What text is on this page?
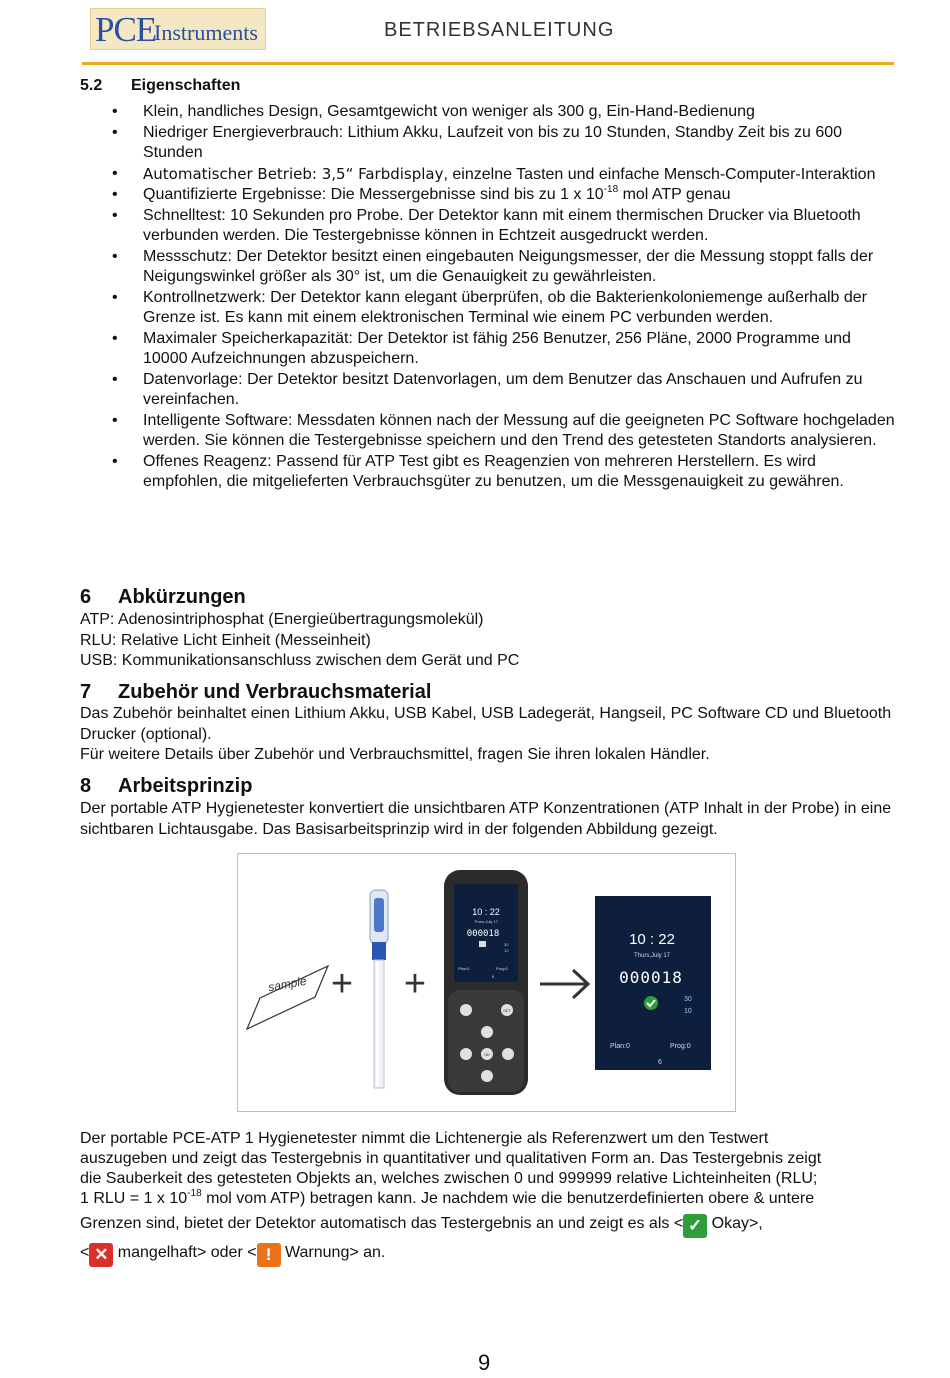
PCE
Instruments	BETRIEBSANLEITUNG
5.2 Eigenschaften
• Klein, handliches Design, Gesamtgewicht von weniger als 300 g, Ein-Hand-Bedienung
• Niedriger Energieverbrauch: Lithium Akku, Laufzeit von bis zu 10 Stunden, Standby Zeit bis zu 600 Stunden
• Automatischer Betrieb: 3,5“ Farbdisplay, einzelne Tasten und einfache Mensch-Computer-Interaktion
• Quantifizierte Ergebnisse: Die Messergebnisse sind bis zu 1 x $10^{-18}$ mol ATP genau
• Schnelltest: 10 Sekunden pro Probe. Der Detektor kann mit einem thermischen Drucker via Bluetooth verbunden werden. Die Testergebnisse können in Echtzeit ausgedruckt werden.
• Messschutz: Der Detektor besitzt einen eingebauten Neigungsmesser, der die Messung stoppt falls der Neigungswinkel größer als 30° ist, um die Genauigkeit zu gewährleisten.
• Kontrollnetzwerk: Der Detektor kann elegant überprüfen, ob die Bakterienkoloniemenge außerhalb der Grenze ist. Es kann mit einem elektronischen Terminal wie einem PC verbunden werden.
• Maximaler Speicherkapazität: Der Detektor ist fähig 256 Benutzer, 256 Pläne, 2000 Programme und 10000 Aufzeichnungen abzuspeichern.
• Datenvorlage: Der Detektor besitzt Datenvorlagen, um dem Benutzer das Anschauen und Aufrufen zu vereinfachen.
• Intelligente Software: Messdaten können nach der Messung auf die geeigneten PC Software hochgeladen werden. Sie können die Testergebnisse speichern und den Trend des getesteten Standorts analysieren.
• Offenes Reagenz: Passend für ATP Test gibt es Reagenzien von mehreren Herstellern. Es wird empfohlen, die mitgelieferten Verbrauchsgüter zu benutzen, um die Messgenauigkeit zu gewähren.
6 Abkürzungen
ATP: Adenosintriphosphat (Energieübertragungsmolekül)
RLU: Relative Licht Einheit (Messeinheit)
USB: Kommunikationsanschluss zwischen dem Gerät und PC
7 Zubehör und Verbrauchsmaterial
Das Zubehör beinhaltet einen Lithium Akku, USB Kabel, USB Ladegerät, Hangseil, PC Software CD und Bluetooth Drucker (optional).
Für weitere Details über Zubehör und Verbrauchsmittel, fragen Sie ihren lokalen Händler.
8 Arbeitsprinzip
Der portable ATP Hygienetester konvertiert die unsichtbaren ATP Konzentrationen (ATP Inhalt in der Probe) in eine sichtbaren Lichtausgabe. Das Basisarbeitsprinzip wird in der folgenden Abbildung gezeigt.
sample + +
10 : 22
Thurs,July 17
000018
30
10
Plan:0	Prog:0
6
SET
OK
10 : 22
Thurs,July 17
000018
30
10
Plan:0	Prog:0
6
Der portable PCE-ATP 1 Hygienetester nimmt die Lichtenergie als Referenzwert um den Testwert
auszugeben und zeigt das Testergebnis in quantitativer und qualitativen Form an. Das Testergebnis zeigt
die Sauberkeit des getesteten Objekts an, welches zwischen 0 und 999999 relative Lichteinheiten (RLU;
1 RLU = 1 x $10^{-18}$ mol vom ATP) betragen kann. Je nachdem wie die benutzerdefinierten obere & untere
Grenzen sind, bietet der Detektor automatisch das Testergebnis an und zeigt es als < ✓ Okay>,
< ✕ mangelhaft> oder < ! Warnung> an.
9
